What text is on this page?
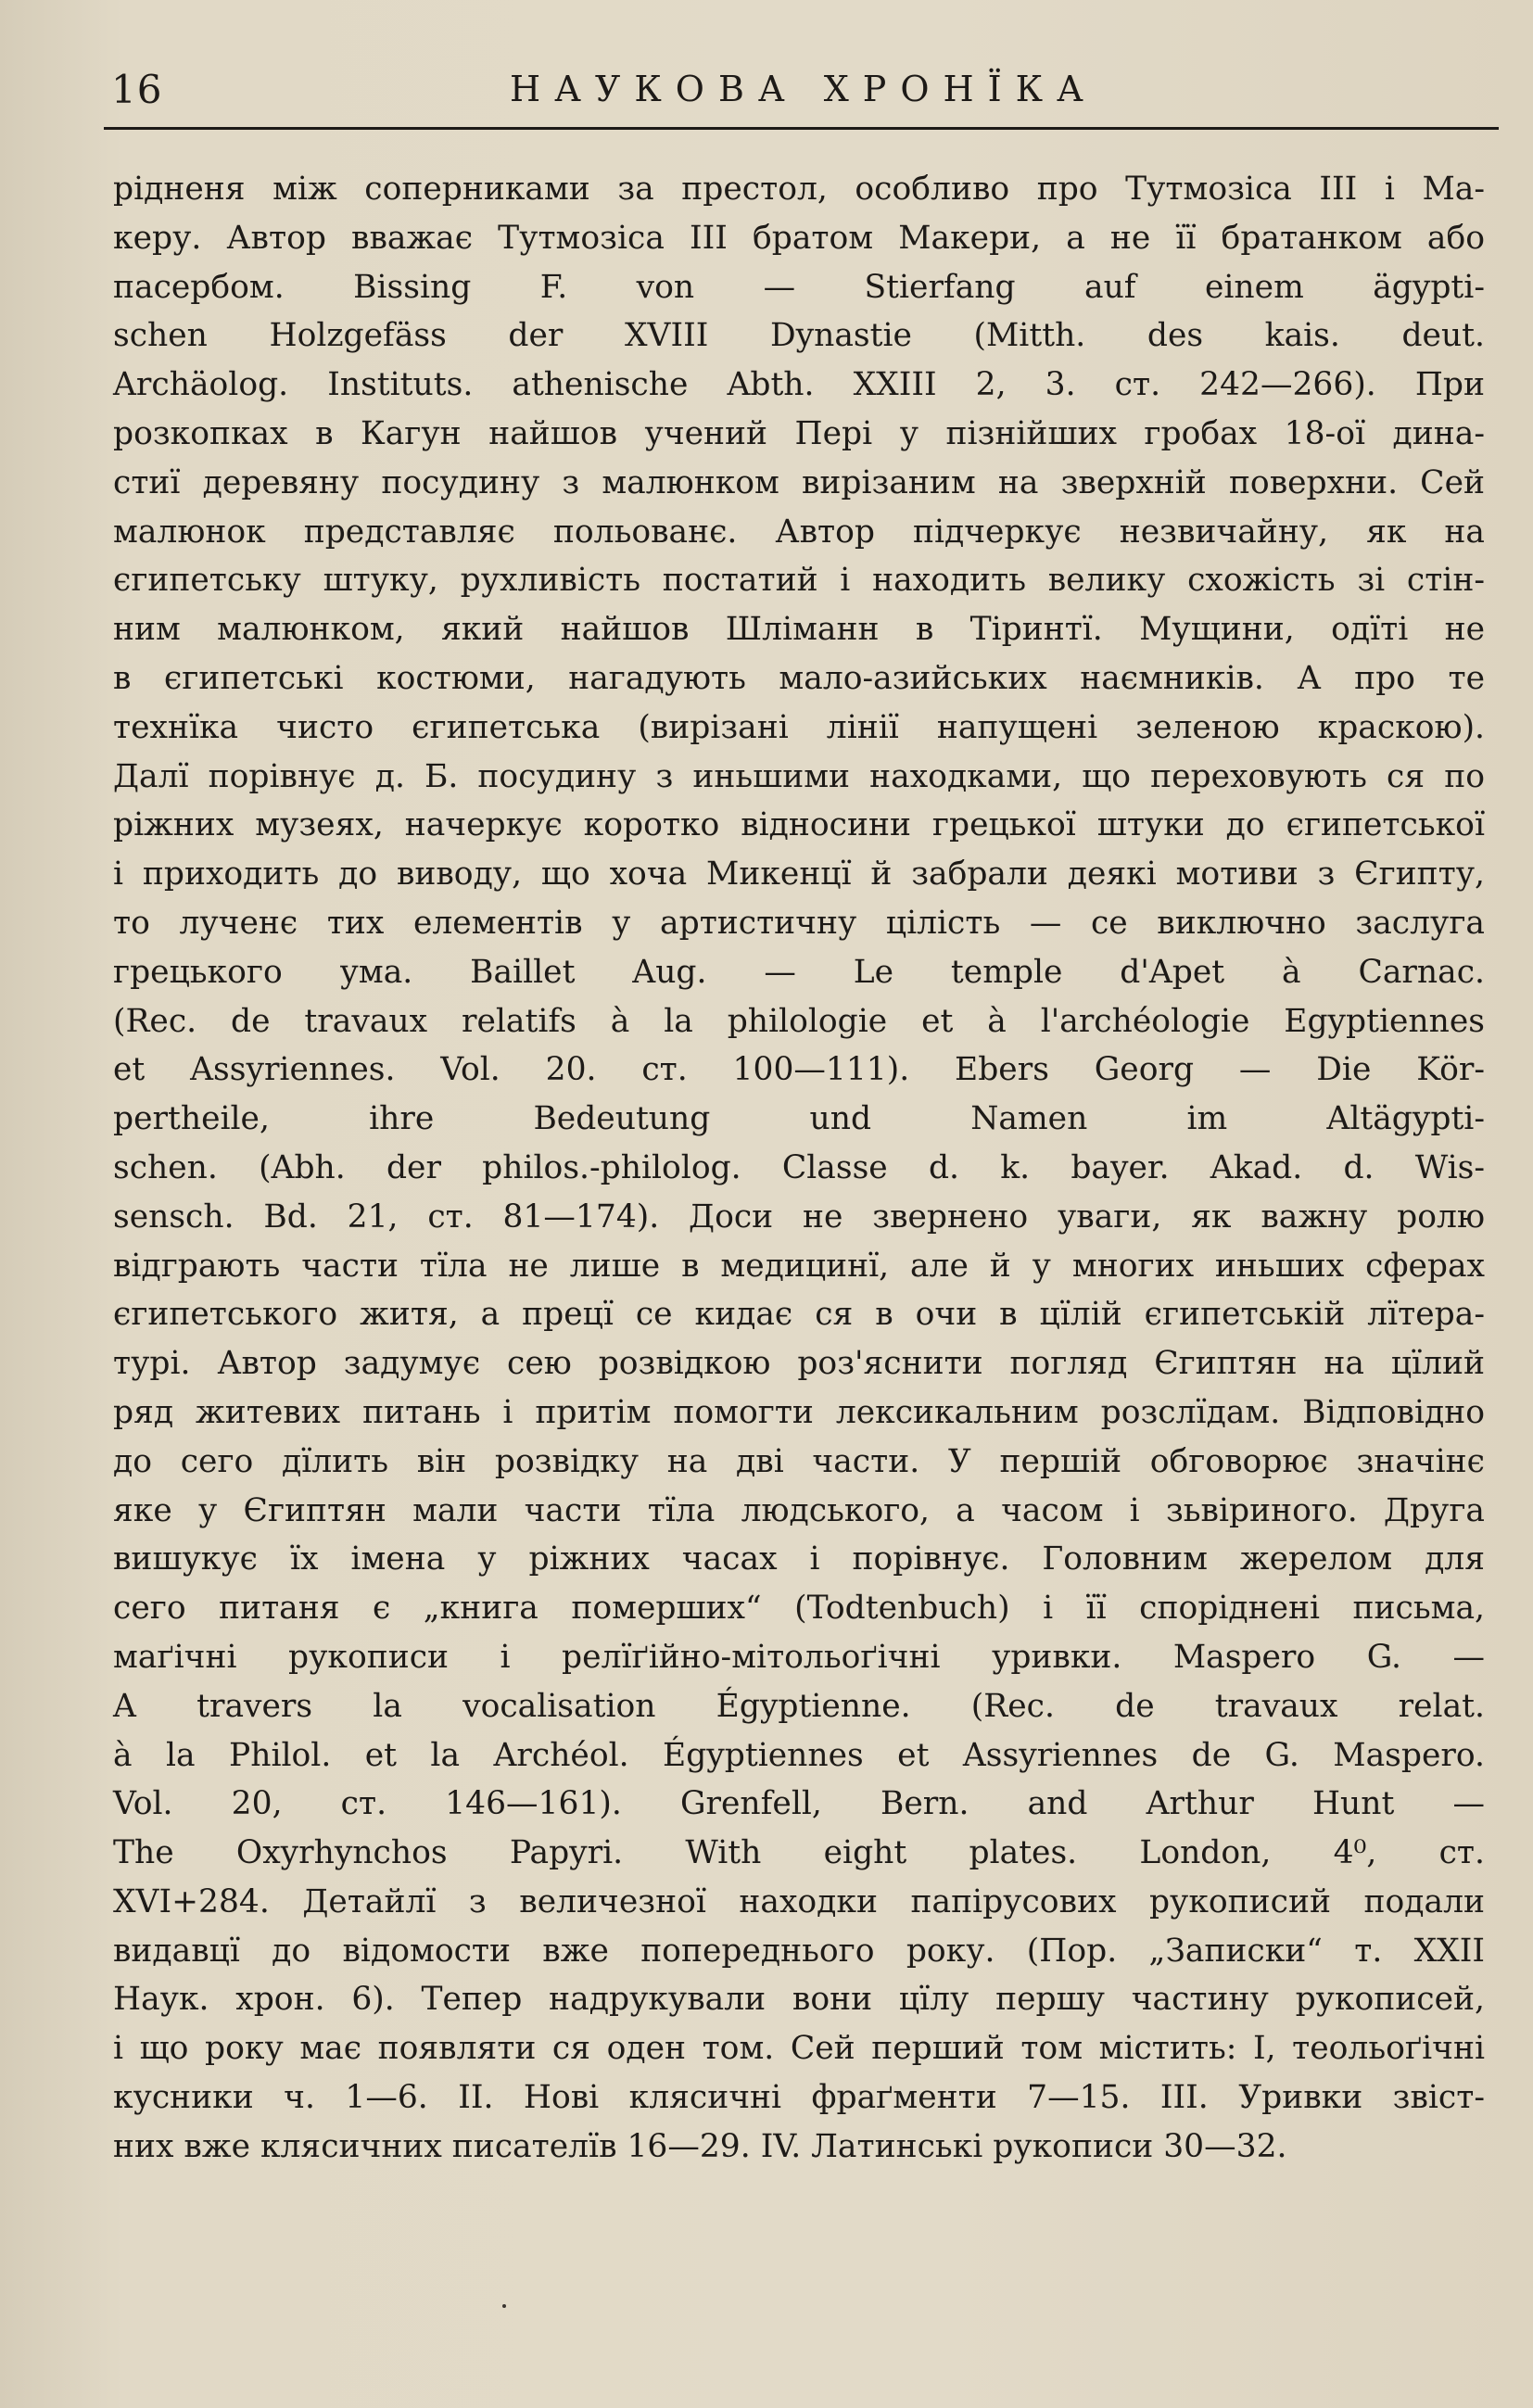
16	НАУКОВА ХРОНЇКА
рідненя між соперниками за престол, особливо про Тутмозіса III і Ма-
керу. Автор вважає Тутмозіса III братом Макери, а не її братанком або
пасербом. Bissing F. von — Stierfang auf einem ägypti-
schen Holzgefäss der XVIII Dynastie (Mitth. des kais. deut.
Archäolog. Instituts. athenische Abth. XXIII 2, 3. ст. 242—266). При
розкопках в Кагун найшов учений Пері у пізнійших гробах 18-ої дина-
стиї деревяну посудину з малюнком вирізаним на зверхній поверхни. Сей
малюнок представляє польованє. Автор підчеркує незвичайну, як на
єгипетську штуку, рухливість постатий і находить велику схожість зі стін-
ним малюнком, який найшов Шліманн в Тіринтї. Мущини, одїті не
в єгипетські костюми, нагадують мало-азийських наємників. А про те
технїка чисто єгипетська (вирізані лінії напущені зеленою краскою).
Далї порівнує д. Б. посудину з иньшими находками, що переховують ся по
ріжних музеях, начеркує коротко відносини грецької штуки до єгипетської
і приходить до виводу, що хоча Микенцї й забрали деякі мотиви з Єгипту,
то лученє тих елементів у артистичну цілість — се виключно заслуга
грецького ума. Baillet Aug. — Le temple d'Apet à Carnac.
(Rec. de travaux relatifs à la philologie et à l'archéologie Egyptiennes
et Assyriennes. Vol. 20. ст. 100—111). Ebers Georg — Die Kör-
pertheile, ihre Bedeutung und Namen im Altägypti-
schen. (Abh. der philos.-philolog. Classe d. k. bayer. Akad. d. Wis-
sensch. Bd. 21, ст. 81—174). Доси не звернено уваги, як важну ролю
відграють части тїла не лише в медицинї, але й у многих иньших сферах
єгипетського житя, а прецї се кидає ся в очи в цїлій єгипетській лїтера-
турі. Автор задумує сею розвідкою роз'яснити погляд Єгиптян на цїлий
ряд житевих питань і притім помогти лексикальним розслїдам. Відповідно
до сего дїлить він розвідку на дві части. У першій обговорює значінє
яке у Єгиптян мали части тїла людського, а часом і зьвіриного. Друга
вишукує їх імена у ріжних часах і порівнує. Головним жерелом для
сего питаня є „книга померших“ (Todtenbuch) і її споріднені письма,
маґічні рукописи і релїґійно-мітольоґічні уривки. Maspero G. —
A travers la vocalisation Égyptienne. (Rec. de travaux relat.
à la Philol. et la Archéol. Égyptiennes et Assyriennes de G. Maspero.
Vol. 20, ст. 146—161). Grenfell, Bern. and Arthur Hunt —
The Oxyrhynchos Papyri. With eight plates. London, 4⁰, ст.
XVI+284. Детайлї з величезної находки папірусових рукописий подали
видавцї до відомости вже попереднього року. (Пор. „Записки“ т. XXII
Наук. хрон. 6). Тепер надрукували вони цїлу першу частину рукописей,
і що року має появляти ся оден том. Сей перший том містить: I, теольоґічні
кусники ч. 1—6. II. Нові клясичні фраґменти 7—15. III. Уривки звіст-
них вже клясичних писателїв 16—29. IV. Латинські рукописи 30—32.
